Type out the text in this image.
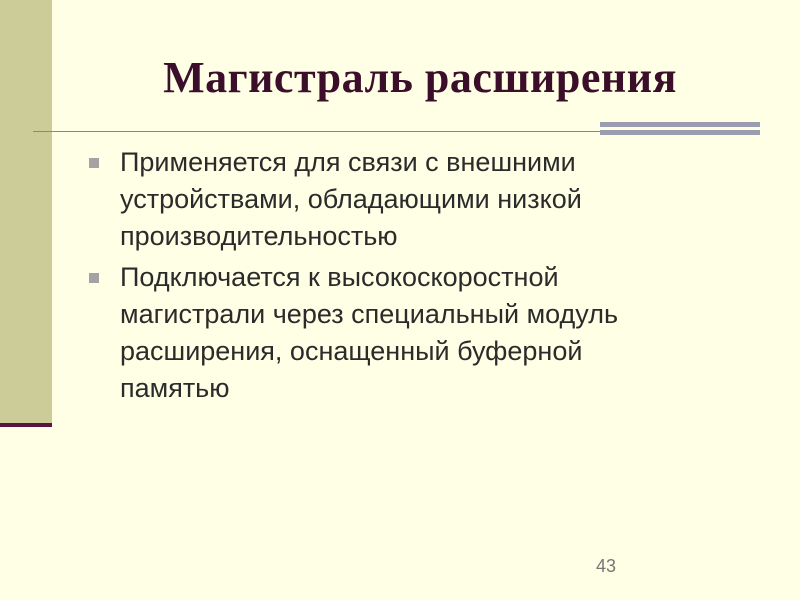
Магистраль расширения
Применяется для связи с внешними
устройствами, обладающими низкой
производительностью
Подключается к высокоскоростной
магистрали через специальный модуль
расширения, оснащенный буферной
памятью
43
